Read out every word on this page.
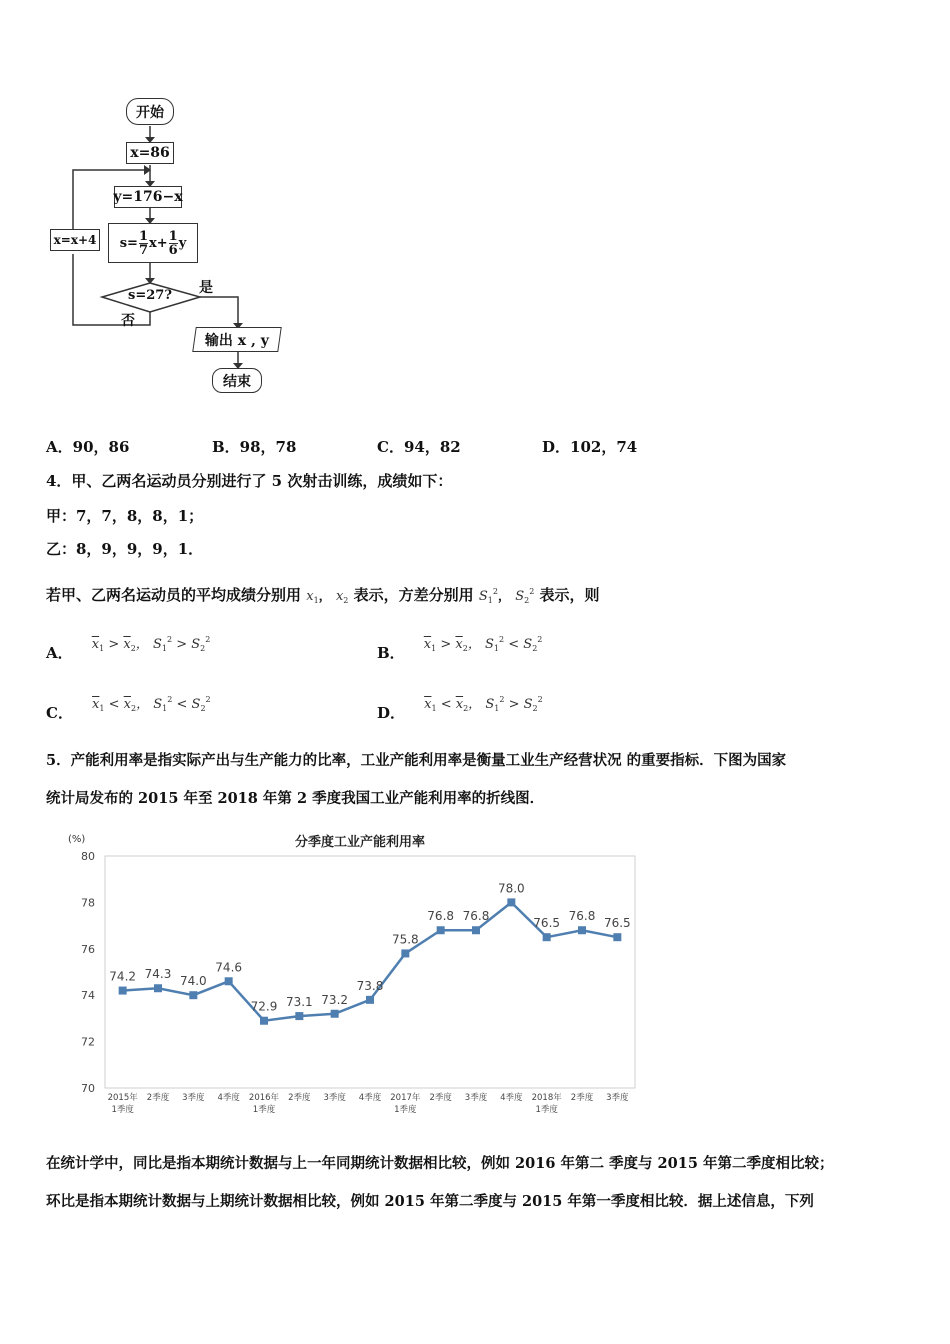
开始
x=86
y=176−x
$s= \frac{1}{7} x+ \frac{1}{6}$ y
x=x+4
s=27?	是
否
输出 x , y
结束
A．90，86	B．98，78	C．94，82	D．102，74
4．甲、乙两名运动员分别进行了 5 次射击训练，成绩如下：
甲：7，7，8，8，1；
乙：8，9，9，9，1．
若甲、乙两名运动员的平均成绩分别用 $x_1$， $x_2$ 表示，方差分别用 $S_1^2$， $S_2^2$ 表示，则
A． $\overline{x}_1 > \overline{x}_2$， $S_1^2 > S_2^2$
B． $\overline{x}_1 > \overline{x}_2$， $S_1^2 < S_2^2$
C． $\overline{x}_1 < \overline{x}_2$， $S_1^2 < S_2^2$
D． $\overline{x}_1 < \overline{x}_2$， $S_1^2 > S_2^2$
5．产能利用率是指实际产出与生产能力的比率，工业产能利用率是衡量工业生产经营状况 的重要指标．下图为国家
统计局发布的 2015 年至 2018 年第 2 季度我国工业产能利用率的折线图．
分季度工业产能利用率
(%)
80
78
76
74
72
70
2015年
1季度
2季度 3季度 4季度 2016年
1季度
2季度 3季度 4季度 2017年
1季度
2季度 3季度 4季度 2018年
1季度
2季度 3季度
74.2 74.3 74.0
74.6
72.9 73.1 73.2
73.8
75.8
76.8 76.8
78.0
76.5 76.8 76.5
在统计学中，同比是指本期统计数据与上一年同期统计数据相比较，例如 2016 年第二 季度与 2015 年第二季度相比较；
环比是指本期统计数据与上期统计数据相比较，例如 2015 年第二季度与 2015 年第一季度相比较．据上述信息，下列
